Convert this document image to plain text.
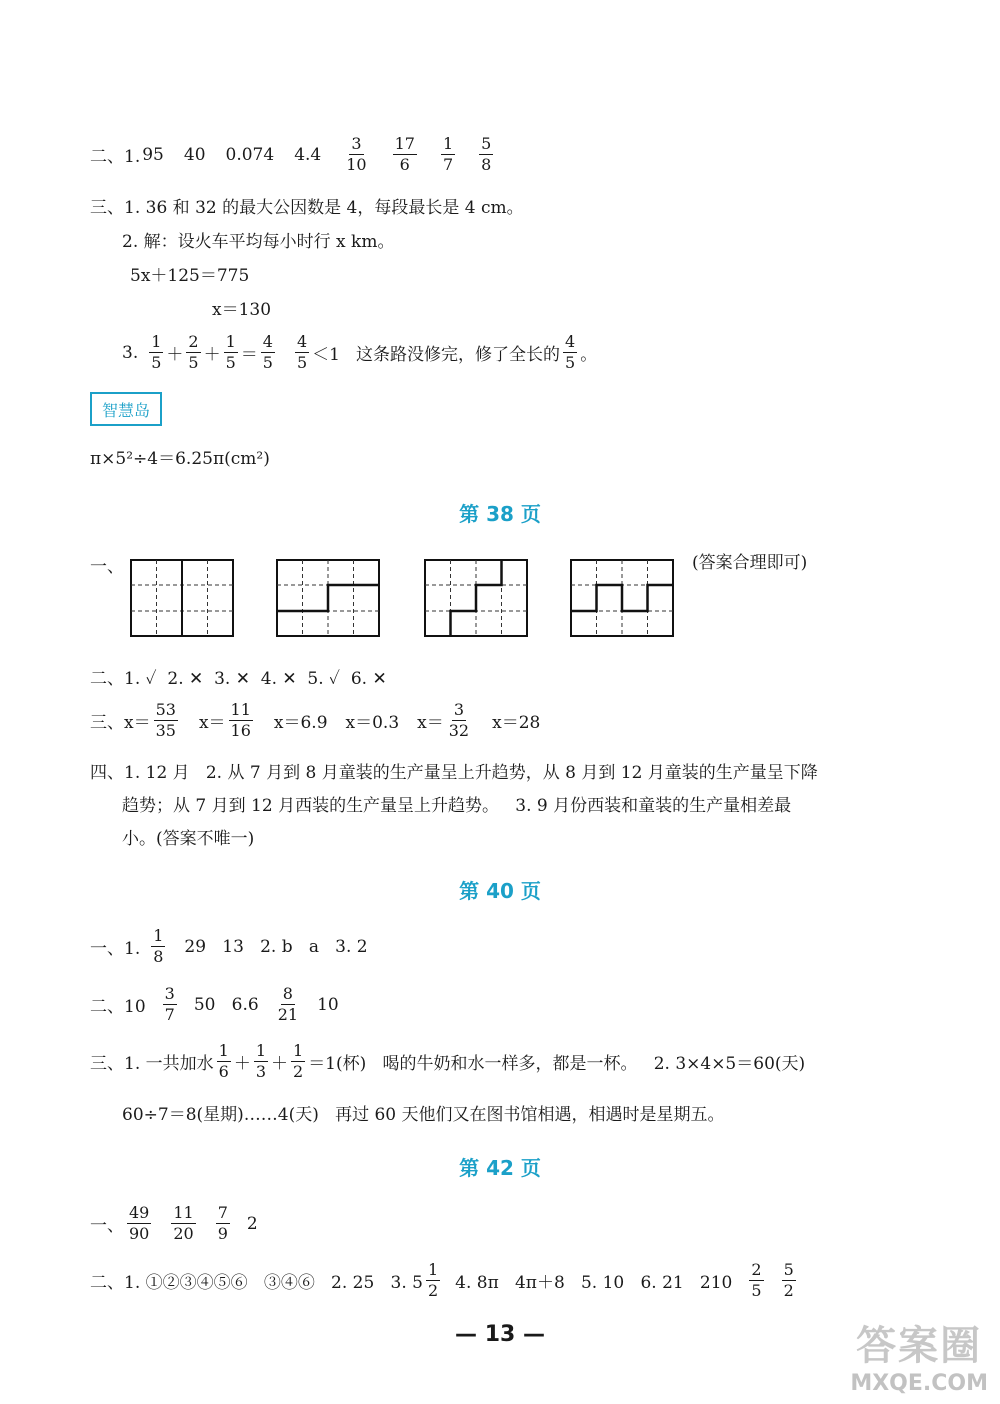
二、1. 95 40 0.074 $4.4 \frac{3}{10} \frac{17}{6} \frac{1}{7} \frac{5}{8}$
三、1. 36 和 32 的最大公因数是 4，每段最长是 4 cm。
2. 解：设火车平均每小时行 x km。
5x＋125＝775
x＝130
3. $\frac{1}{5} + \frac{2}{5} + \frac{1}{5} = \frac{4}{5} \frac{4}{5} <1$ 这条路没修完，修了全长的 $\frac{4}{5}$ 。
智慧岛
π×5²÷4＝6.25π(cm²)
第 38 页
一、	(答案合理即可)
二、1. ✓  2. ✕  3. ✕  4. ✕  5. ✓  6. ✕
三、 $x= \frac{53}{35} x= \frac{11}{16} x=6.9$ x＝0.3 $x= \frac{3}{32} x=28$
四、1. 12 月   2. 从 7 月到 8 月童装的生产量呈上升趋势，从 8 月到 12 月童装的生产量呈下降
趋势；从 7 月到 12 月西装的生产量呈上升趋势。   3. 9 月份西装和童装的生产量相差最
小。(答案不唯一)
第 40 页
一、1. $\frac{1}{8} 29$   13   2. b   a   3. 2
二、$10 \frac{3}{7} 50$   $6.6 \frac{8}{21} 10$
三、1. 一共加水 $\frac{1}{6} + \frac{1}{3} + \frac{1}{2} =1$(杯)   喝的牛奶和水一样多，都是一杯。   2. 3×4×5＝60(天)
60÷7＝8(星期)……4(天)   再过 60 天他们又在图书馆相遇，相遇时是星期五。
第 42 页
一、 $\frac{49}{90} \frac{11}{20} \frac{7}{9} 2$
二、1. ①②③④⑤⑥   ③④⑥   2. 25   3. $5 \frac{1}{2} 4$. 8π   4π＋8   5. 10   6. 21   $210 \frac{2}{5} \frac{5}{2}$
— 13 —	答案圈
MXQE.COM
